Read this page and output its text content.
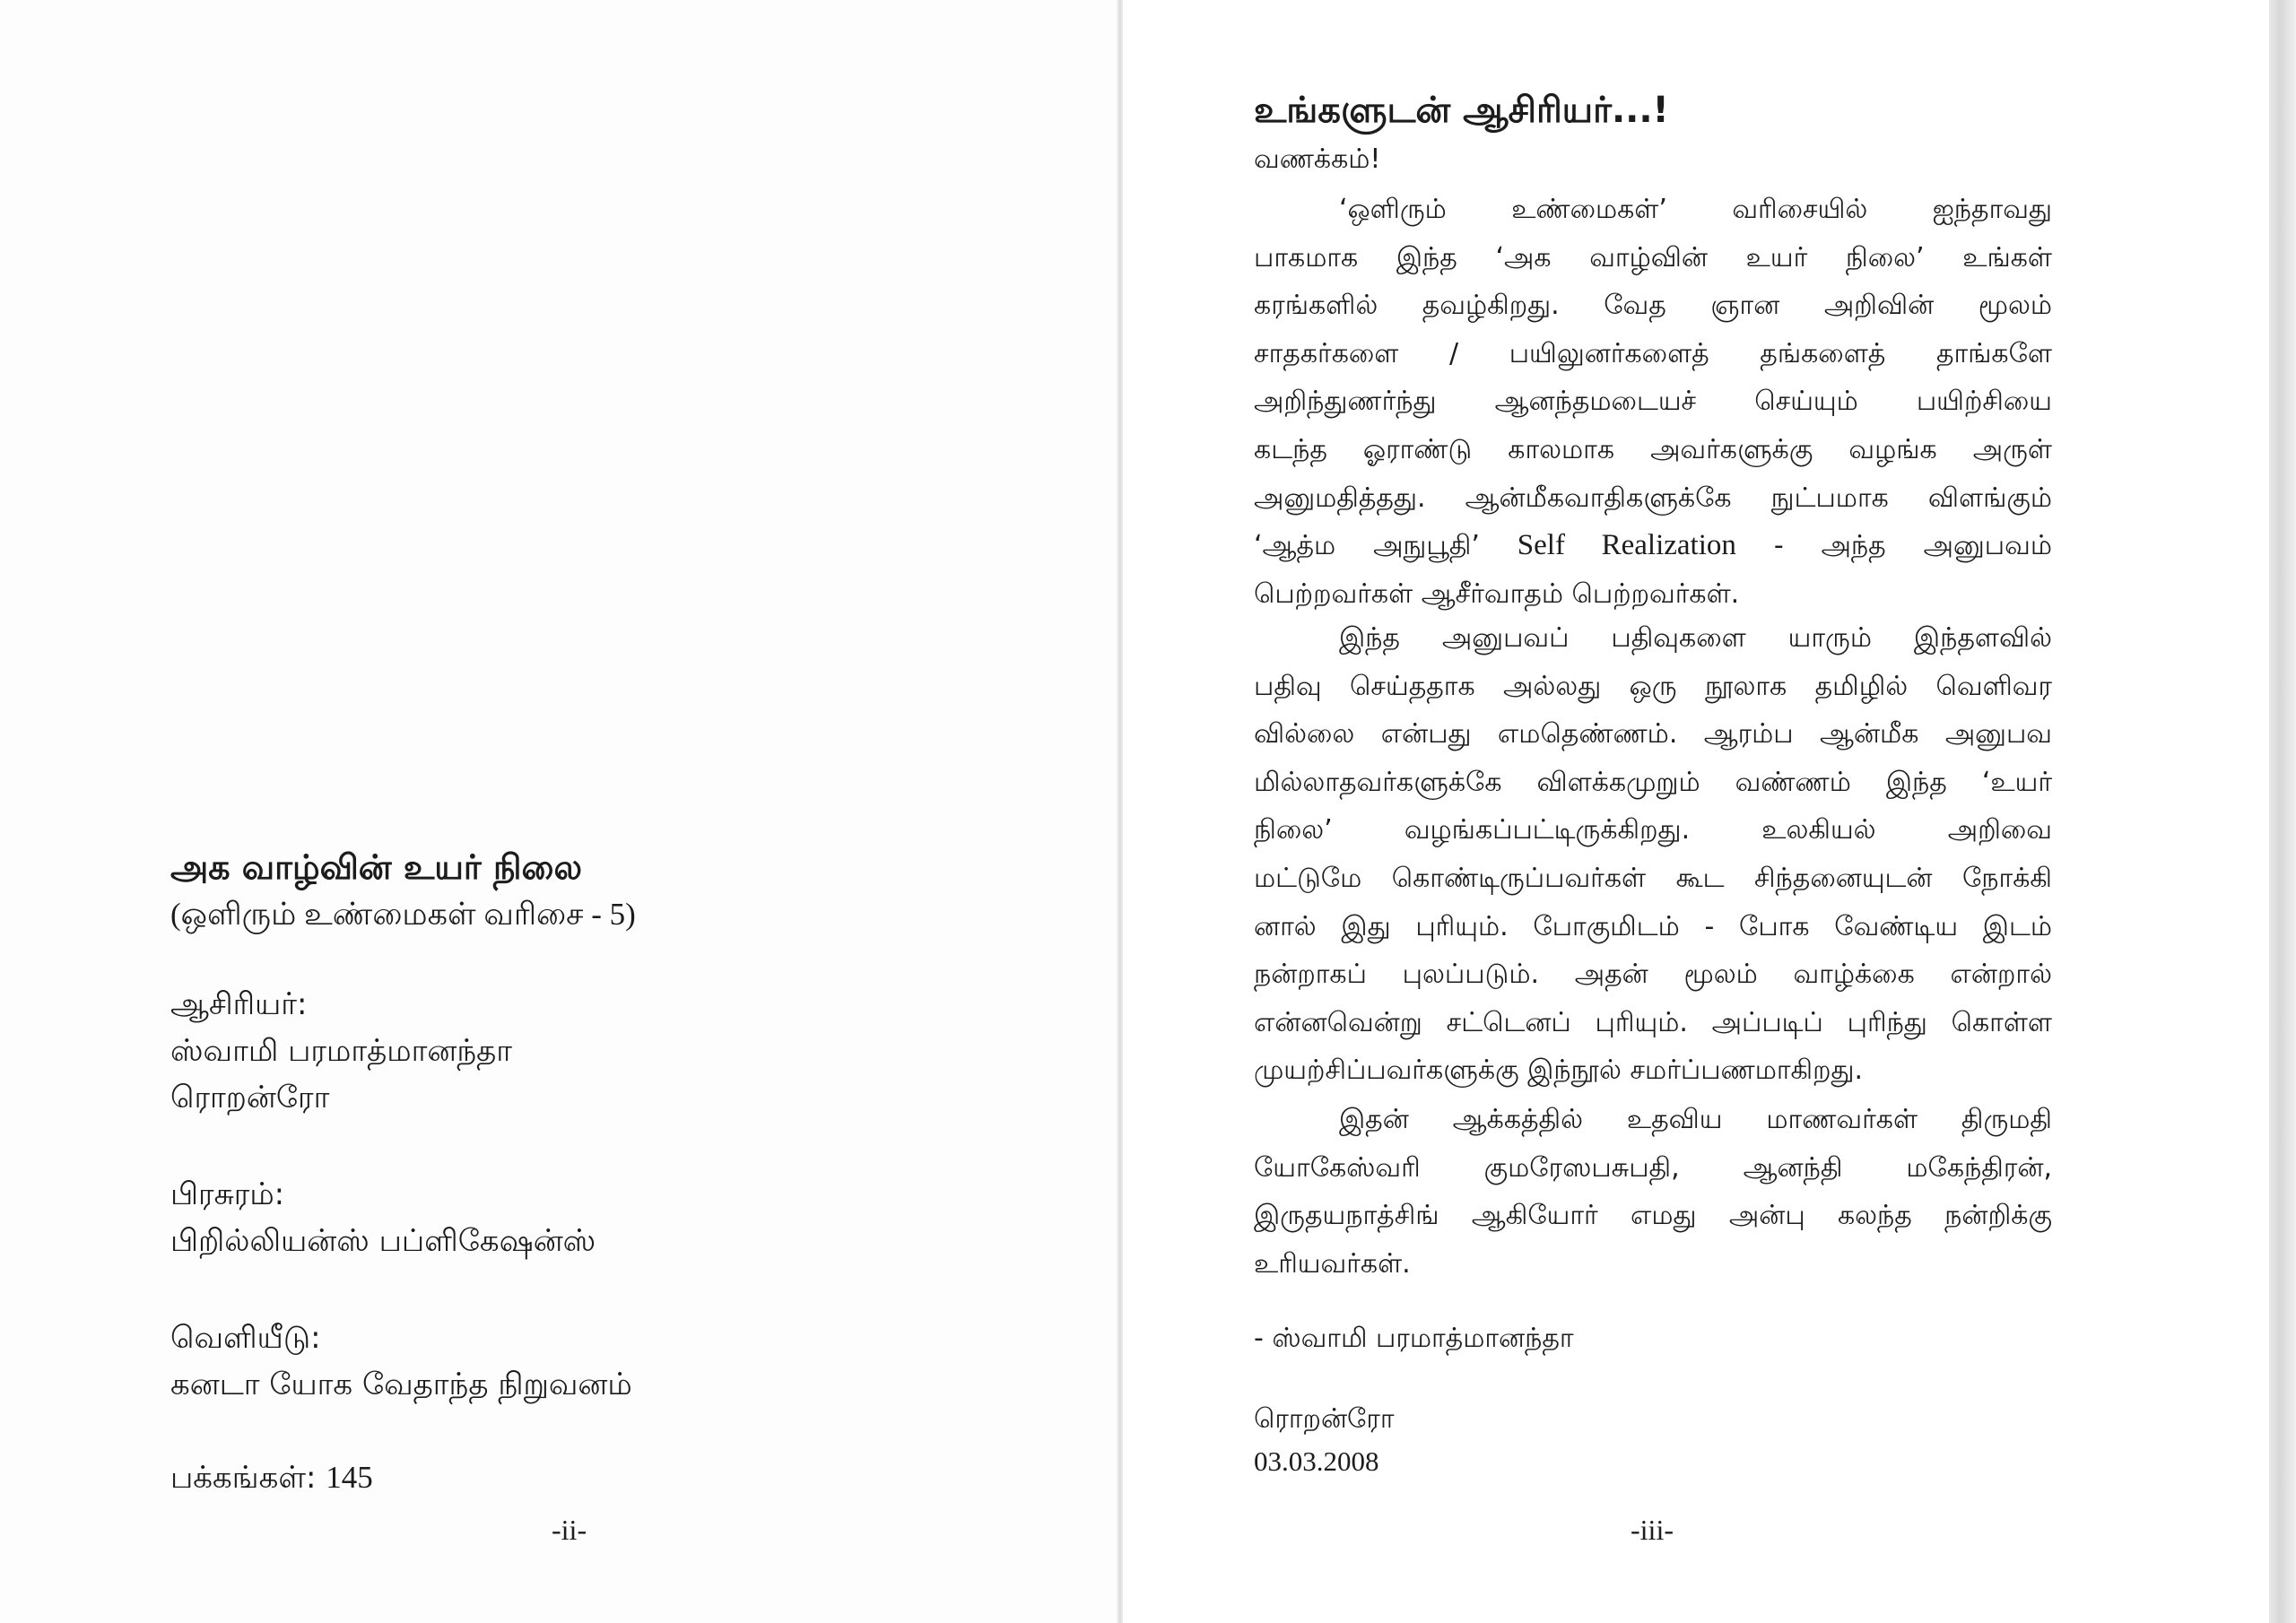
அக வாழ்வின் உயர் நிலை
(ஒளிரும் உண்மைகள் வரிசை - 5)
ஆசிரியர்:
ஸ்வாமி பரமாத்மானந்தா
ரொறன்ரோ
பிரசுரம்:
பிறில்லியன்ஸ் பப்ளிகேஷன்ஸ்
வெளியீடு:
கனடா யோக வேதாந்த நிறுவனம்
பக்கங்கள்: 145
-ii-
உங்களுடன் ஆசிரியர்...!
வணக்கம்!
‘ஒளிரும் உண்மைகள்’ வரிசையில் ஐந்தாவது
பாகமாக இந்த ‘அக வாழ்வின் உயர் நிலை’ உங்கள்
கரங்களில் தவழ்கிறது. வேத ஞான அறிவின் மூலம்
சாதகர்களை / பயிலுனர்களைத் தங்களைத் தாங்களே
அறிந்துணர்ந்து ஆனந்தமடையச் செய்யும் பயிற்சியை
கடந்த ஓராண்டு காலமாக அவர்களுக்கு வழங்க அருள்
அனுமதித்தது. ஆன்மீகவாதிகளுக்கே நுட்பமாக விளங்கும்
‘ஆத்ம அநுபூதி’ Self Realization - அந்த அனுபவம்
பெற்றவர்கள் ஆசீர்வாதம் பெற்றவர்கள்.
இந்த அனுபவப் பதிவுகளை யாரும் இந்தளவில்
பதிவு செய்ததாக அல்லது ஒரு நூலாக தமிழில் வெளிவர
வில்லை என்பது எமதெண்ணம். ஆரம்ப ஆன்மீக அனுபவ
மில்லாதவர்களுக்கே விளக்கமுறும் வண்ணம் இந்த ‘உயர்
நிலை’ வழங்கப்பட்டிருக்கிறது. உலகியல் அறிவை
மட்டுமே கொண்டிருப்பவர்கள் கூட சிந்தனையுடன் நோக்கி
னால் இது புரியும். போகுமிடம் - போக வேண்டிய இடம்
நன்றாகப் புலப்படும். அதன் மூலம் வாழ்க்கை என்றால்
என்னவென்று சட்டெனப் புரியும். அப்படிப் புரிந்து கொள்ள
முயற்சிப்பவர்களுக்கு இந்நூல் சமர்ப்பணமாகிறது.
இதன் ஆக்கத்தில் உதவிய மாணவர்கள் திருமதி
யோகேஸ்வரி குமரேஸபசுபதி, ஆனந்தி மகேந்திரன்,
இருதயநாத்சிங் ஆகியோர் எமது அன்பு கலந்த நன்றிக்கு
உரியவர்கள்.
- ஸ்வாமி பரமாத்மானந்தா
ரொறன்ரோ
03.03.2008
-iii-
